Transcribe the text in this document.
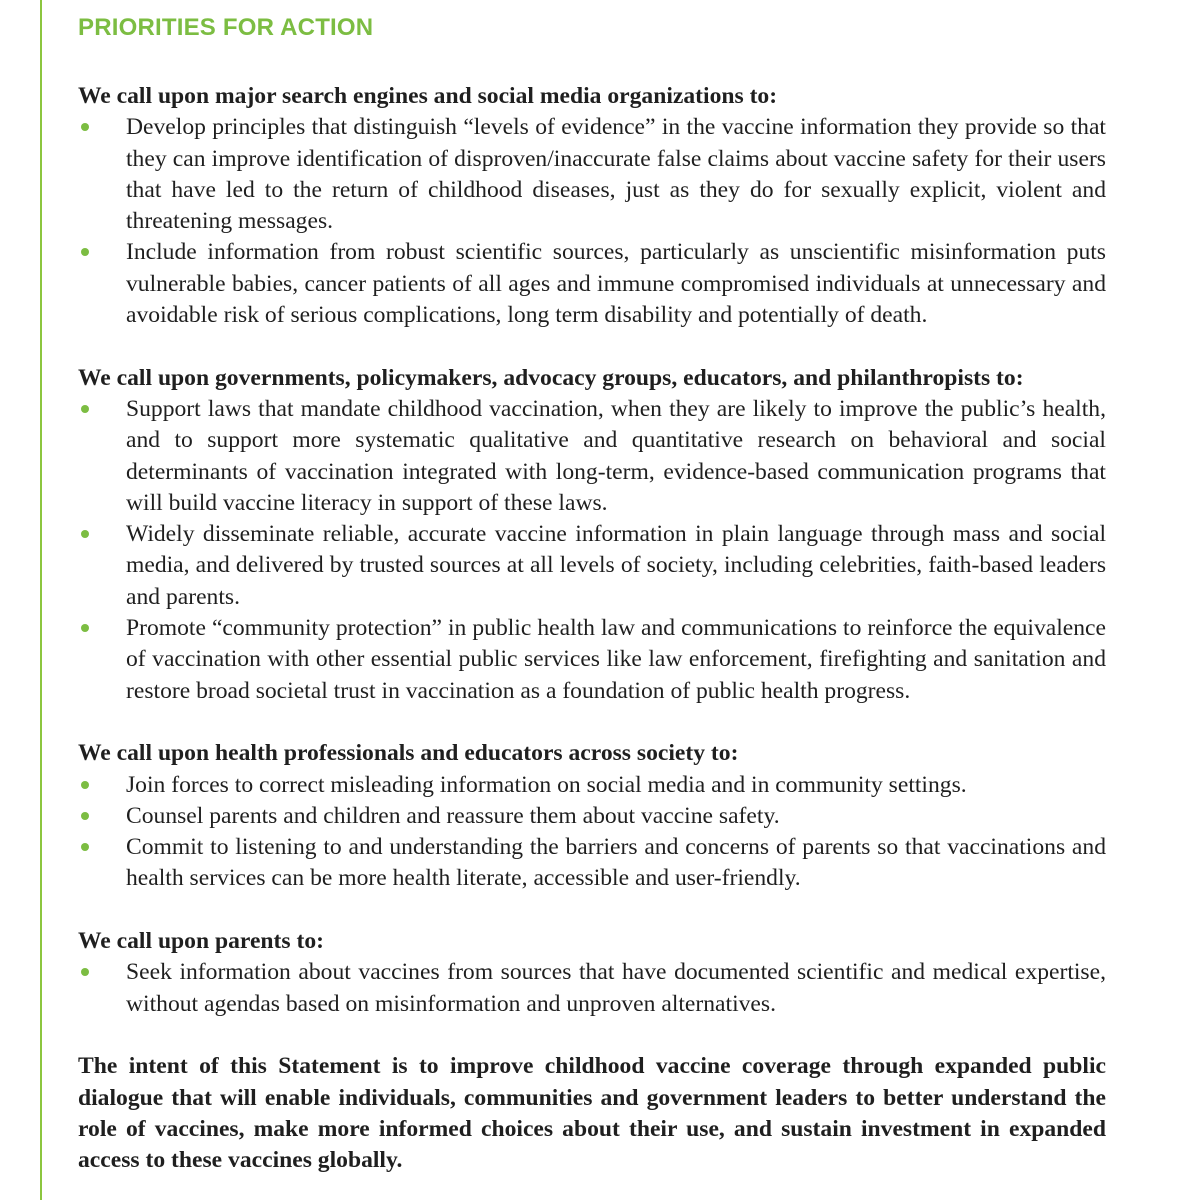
PRIORITIES FOR ACTION

We call upon major search engines and social media organizations to:

Develop principles that distinguish “levels of evidence” in the vaccine information they provide so that they can improve identification of disproven/inaccurate false claims about vaccine safety for their users that have led to the return of childhood diseases, just as they do for sexually explicit, violent and threatening messages.
Include information from robust scientific sources, particularly as unscientific misinformation puts vulnerable babies, cancer patients of all ages and immune compromised individuals at unnecessary and avoidable risk of serious complications, long term disability and potentially of death.

We call upon governments, policymakers, advocacy groups, educators, and philanthropists to:

Support laws that mandate childhood vaccination, when they are likely to improve the public’s health, and to support more systematic qualitative and quantitative research on behavioral and social determinants of vaccination integrated with long-term, evidence-based communication programs that will build vaccine literacy in support of these laws.
Widely disseminate reliable, accurate vaccine information in plain language through mass and social media, and delivered by trusted sources at all levels of society, including celebrities, faith-based leaders and parents.
Promote “community protection” in public health law and communications to reinforce the equivalence of vaccination with other essential public services like law enforcement, firefighting and sanitation and restore broad societal trust in vaccination as a foundation of public health progress.

We call upon health professionals and educators across society to:

Join forces to correct misleading information on social media and in community settings.
Counsel parents and children and reassure them about vaccine safety.
Commit to listening to and understanding the barriers and concerns of parents so that vaccinations and health services can be more health literate, accessible and user-friendly.

We call upon parents to:

Seek information about vaccines from sources that have documented scientific and medical expertise, without agendas based on misinformation and unproven alternatives.

The intent of this Statement is to improve childhood vaccine coverage through expanded public dialogue that will enable individuals, communities and government leaders to better understand the role of vaccines, make more informed choices about their use, and sustain investment in expanded access to these vaccines globally.
